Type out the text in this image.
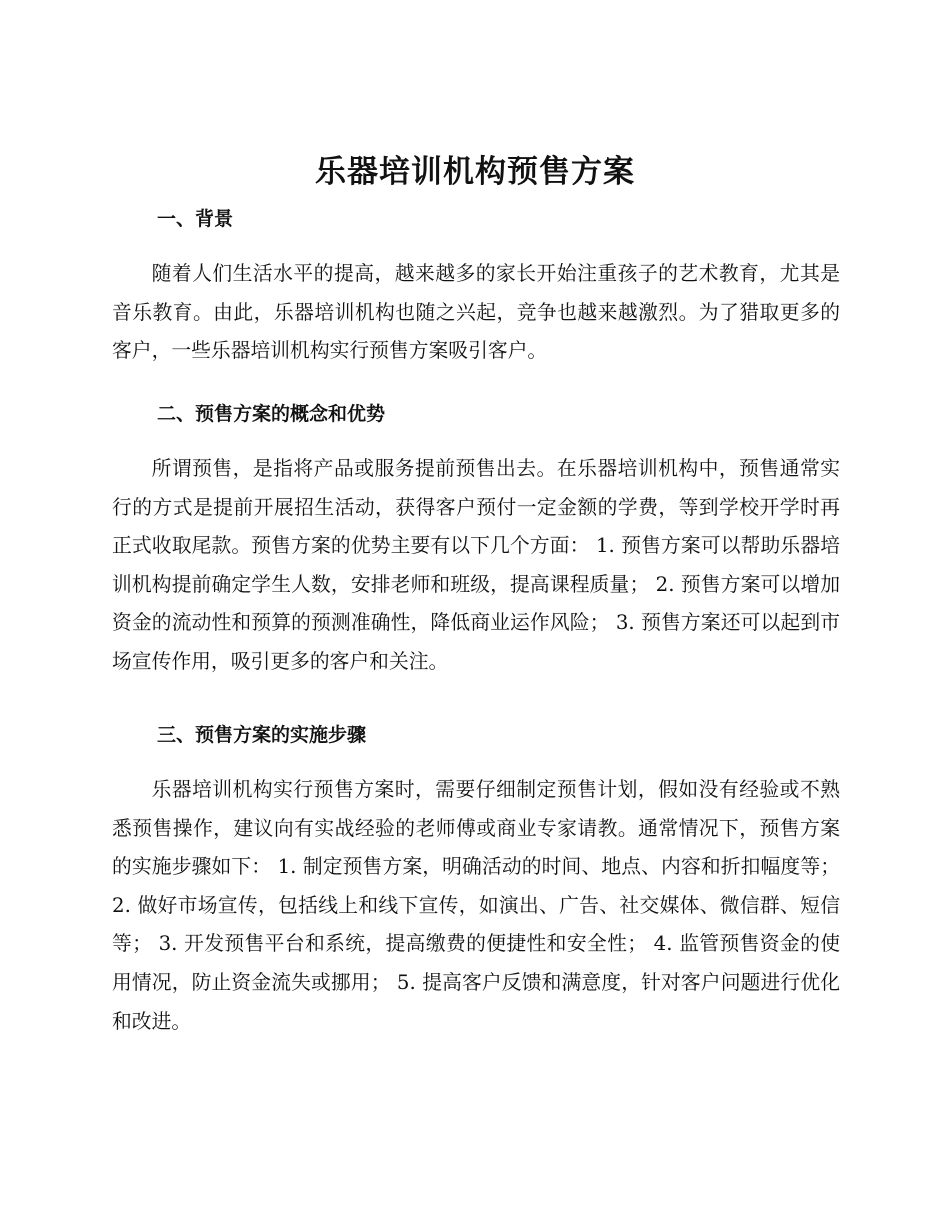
乐器培训机构预售方案
一、背景

随着人们生活水平的提高，越来越多的家长开始注重孩子的艺术教育，尤其是音乐教育。由此，乐器培训机构也随之兴起，竞争也越来越激烈。为了猎取更多的客户，一些乐器培训机构实行预售方案吸引客户。

二、预售方案的概念和优势

所谓预售，是指将产品或服务提前预售出去。在乐器培训机构中，预售通常实行的方式是提前开展招生活动，获得客户预付一定金额的学费，等到学校开学时再正式收取尾款。预售方案的优势主要有以下几个方面： 1. 预售方案可以帮助乐器培训机构提前确定学生人数，安排老师和班级，提高课程质量； 2. 预售方案可以增加资金的流动性和预算的预测准确性，降低商业运作风险； 3. 预售方案还可以起到市场宣传作用，吸引更多的客户和关注。

三、预售方案的实施步骤

乐器培训机构实行预售方案时，需要仔细制定预售计划，假如没有经验或不熟悉预售操作，建议向有实战经验的老师傅或商业专家请教。通常情况下，预售方案的实施步骤如下： 1. 制定预售方案，明确活动的时间、地点、内容和折扣幅度等； 2. 做好市场宣传，包括线上和线下宣传，如演出、广告、社交媒体、微信群、短信等； 3. 开发预售平台和系统，提高缴费的便捷性和安全性； 4. 监管预售资金的使用情况，防止资金流失或挪用； 5. 提高客户反馈和满意度，针对客户问题进行优化和改进。
